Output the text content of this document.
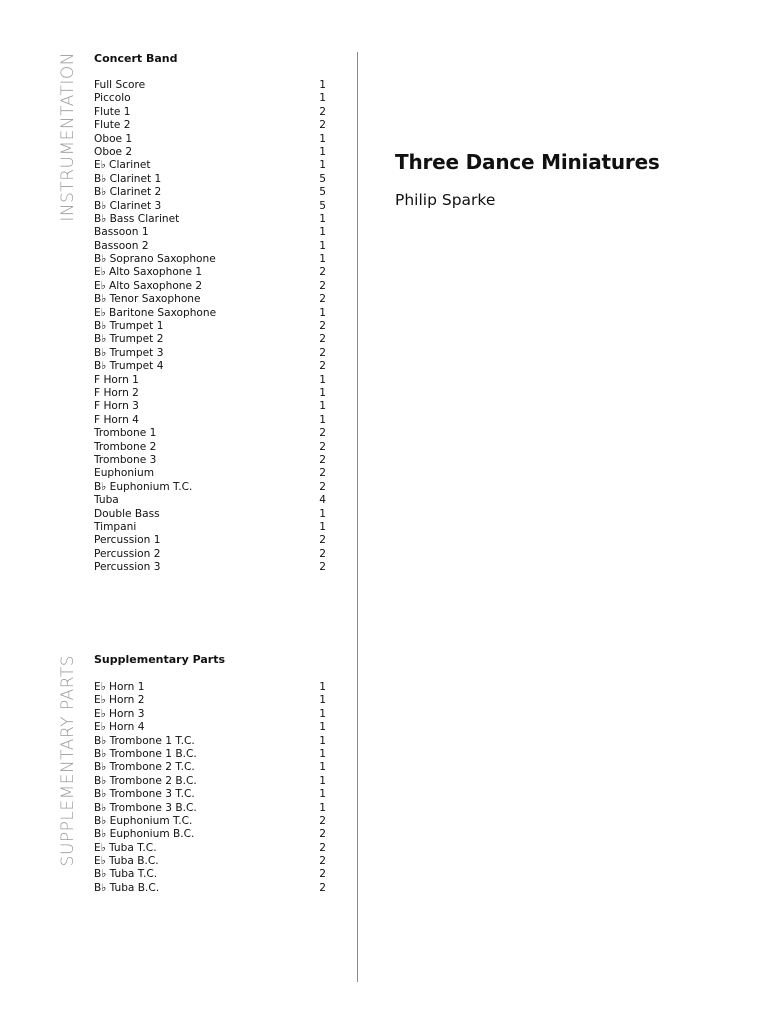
INSTRUMENTATION
SUPPLEMENTARY PARTS
Concert Band
Full Score	1
Piccolo	1
Flute 1	2
Flute 2	2
Oboe 1	1
Oboe 2	1
E♭ Clarinet	1
B♭ Clarinet 1	5
B♭ Clarinet 2	5
B♭ Clarinet 3	5
B♭ Bass Clarinet	1
Bassoon 1	1
Bassoon 2	1
B♭ Soprano Saxophone	1
E♭ Alto Saxophone 1	2
E♭ Alto Saxophone 2	2
B♭ Tenor Saxophone	2
E♭ Baritone Saxophone	1
B♭ Trumpet 1	2
B♭ Trumpet 2	2
B♭ Trumpet 3	2
B♭ Trumpet 4	2
F Horn 1	1
F Horn 2	1
F Horn 3	1
F Horn 4	1
Trombone 1	2
Trombone 2	2
Trombone 3	2
Euphonium	2
B♭ Euphonium T.C.	2
Tuba	4
Double Bass	1
Timpani	1
Percussion 1	2
Percussion 2	2
Percussion 3	2
Supplementary Parts
E♭ Horn 1	1
E♭ Horn 2	1
E♭ Horn 3	1
E♭ Horn 4	1
B♭ Trombone 1 T.C.	1
B♭ Trombone 1 B.C.	1
B♭ Trombone 2 T.C.	1
B♭ Trombone 2 B.C.	1
B♭ Trombone 3 T.C.	1
B♭ Trombone 3 B.C.	1
B♭ Euphonium T.C.	2
B♭ Euphonium B.C.	2
E♭ Tuba T.C.	2
E♭ Tuba B.C.	2
B♭ Tuba T.C.	2
B♭ Tuba B.C.	2
Three Dance Miniatures
Philip Sparke
